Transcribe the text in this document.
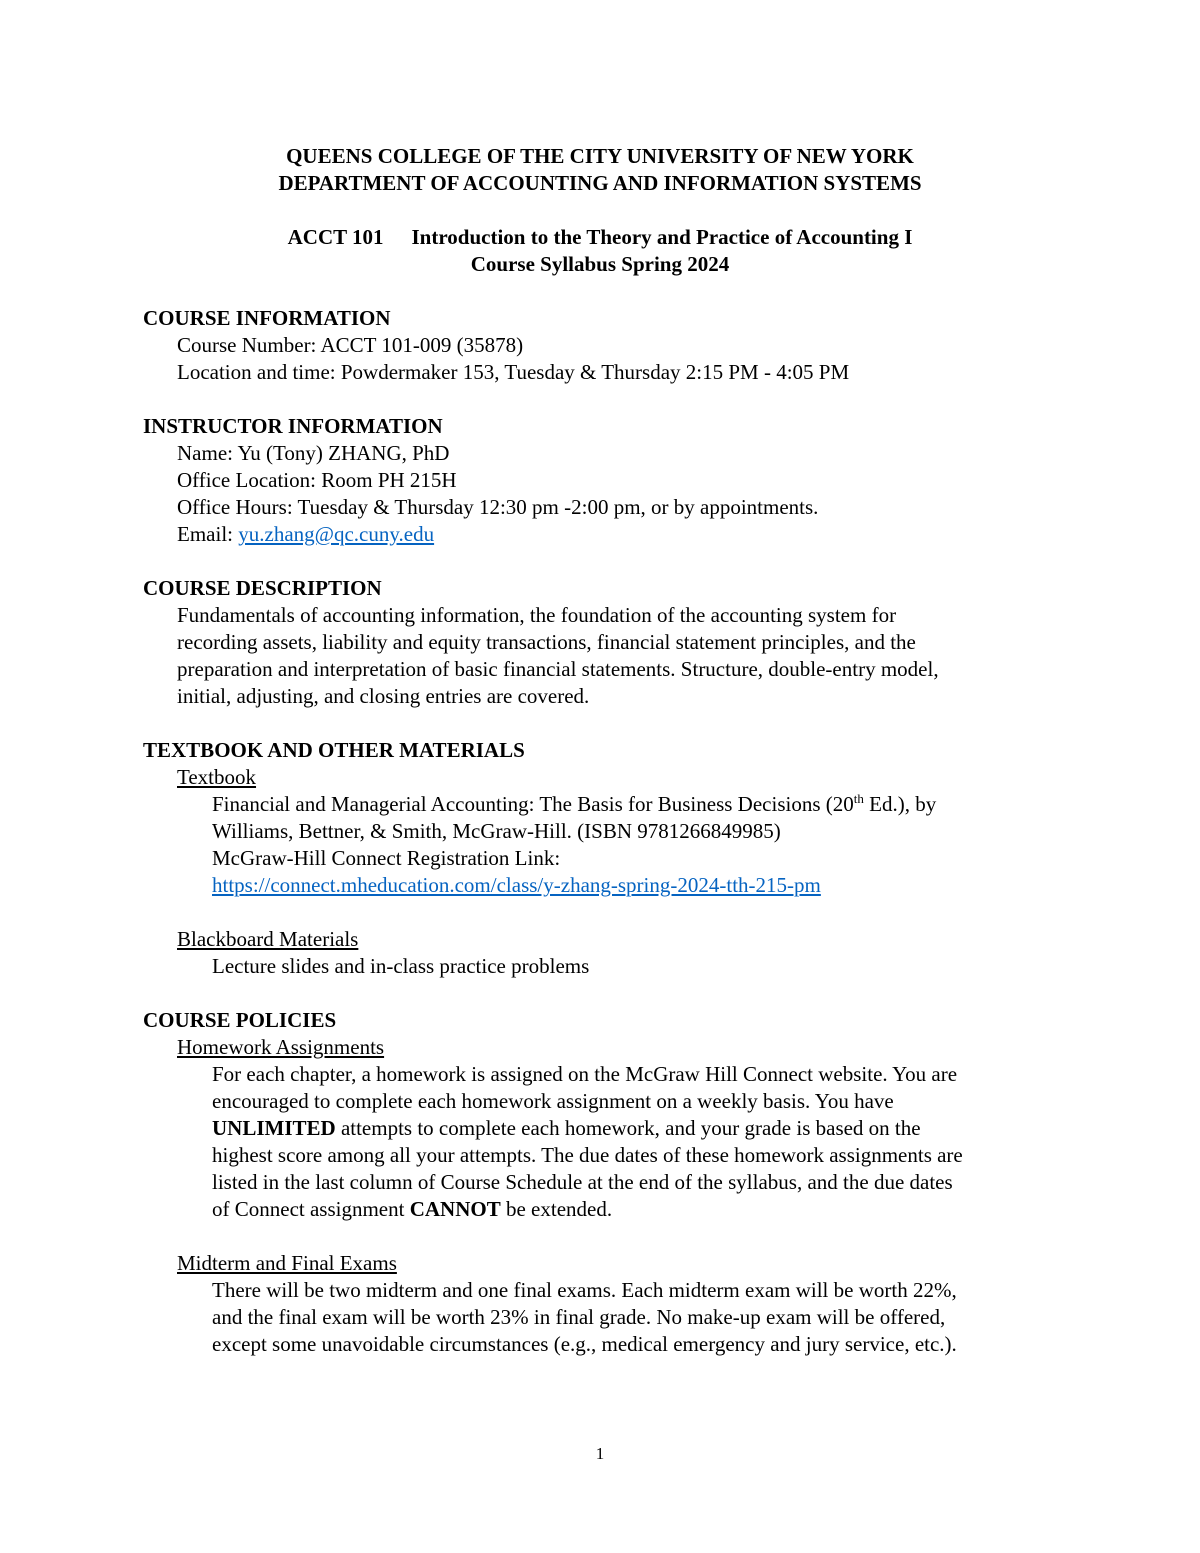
QUEENS COLLEGE OF THE CITY UNIVERSITY OF NEW YORK
DEPARTMENT OF ACCOUNTING AND INFORMATION SYSTEMS
ACCT 101 Introduction to the Theory and Practice of Accounting I
Course Syllabus Spring 2024
COURSE INFORMATION
Course Number: ACCT 101-009 (35878)
Location and time: Powdermaker 153, Tuesday & Thursday 2:15 PM - 4:05 PM
INSTRUCTOR INFORMATION
Name: Yu (Tony) ZHANG, PhD
Office Location: Room PH 215H
Office Hours: Tuesday & Thursday 12:30 pm -2:00 pm, or by appointments.
Email: yu.zhang@qc.cuny.edu
COURSE DESCRIPTION
Fundamentals of accounting information, the foundation of the accounting system for
recording assets, liability and equity transactions, financial statement principles, and the
preparation and interpretation of basic financial statements. Structure, double-entry model,
initial, adjusting, and closing entries are covered.
TEXTBOOK AND OTHER MATERIALS
Textbook
Financial and Managerial Accounting: The Basis for Business Decisions (20th Ed.), by
Williams, Bettner, & Smith, McGraw-Hill. (ISBN 9781266849985)
McGraw-Hill Connect Registration Link:
https://connect.mheducation.com/class/y-zhang-spring-2024-tth-215-pm
Blackboard Materials
Lecture slides and in-class practice problems
COURSE POLICIES
Homework Assignments
For each chapter, a homework is assigned on the McGraw Hill Connect website. You are
encouraged to complete each homework assignment on a weekly basis. You have
UNLIMITED attempts to complete each homework, and your grade is based on the
highest score among all your attempts. The due dates of these homework assignments are
listed in the last column of Course Schedule at the end of the syllabus, and the due dates
of Connect assignment CANNOT be extended.
Midterm and Final Exams
There will be two midterm and one final exams. Each midterm exam will be worth 22%,
and the final exam will be worth 23% in final grade. No make-up exam will be offered,
except some unavoidable circumstances (e.g., medical emergency and jury service, etc.).
1
